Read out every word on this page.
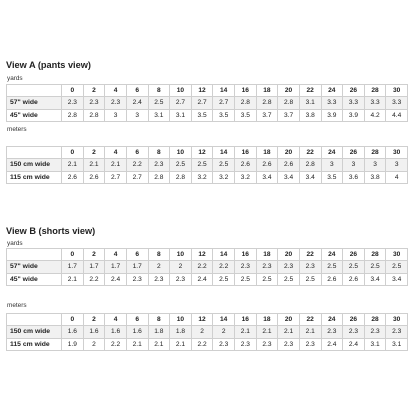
View A (pants view)
yards
	0	2	4	6	8	10	12	14	16	18	20	22	24	26	28	30
57" wide	2.3	2.3	2.3	2.4	2.5	2.7	2.7	2.7	2.8	2.8	2.8	3.1	3.3	3.3	3.3	3.3
45" wide	2.8	2.8	3	3	3.1	3.1	3.5	3.5	3.5	3.7	3.7	3.8	3.9	3.9	4.2	4.4
meters
	0	2	4	6	8	10	12	14	16	18	20	22	24	26	28	30
150 cm wide	2.1	2.1	2.1	2.2	2.3	2.5	2.5	2.5	2.6	2.6	2.6	2.8	3	3	3	3
115 cm wide	2.6	2.6	2.7	2.7	2.8	2.8	3.2	3.2	3.2	3.4	3.4	3.4	3.5	3.6	3.8	4
View B (shorts view)
yards
	0	2	4	6	8	10	12	14	16	18	20	22	24	26	28	30
57" wide	1.7	1.7	1.7	1.7	2	2	2.2	2.2	2.3	2.3	2.3	2.3	2.5	2.5	2.5	2.5
45" wide	2.1	2.2	2.4	2.3	2.3	2.3	2.4	2.5	2.5	2.5	2.5	2.5	2.6	2.6	3.4	3.4
meters
	0	2	4	6	8	10	12	14	16	18	20	22	24	26	28	30
150 cm wide	1.6	1.6	1.6	1.6	1.8	1.8	2	2	2.1	2.1	2.1	2.1	2.3	2.3	2.3	2.3
115 cm wide	1.9	2	2.2	2.1	2.1	2.1	2.2	2.3	2.3	2.3	2.3	2.3	2.4	2.4	3.1	3.1
